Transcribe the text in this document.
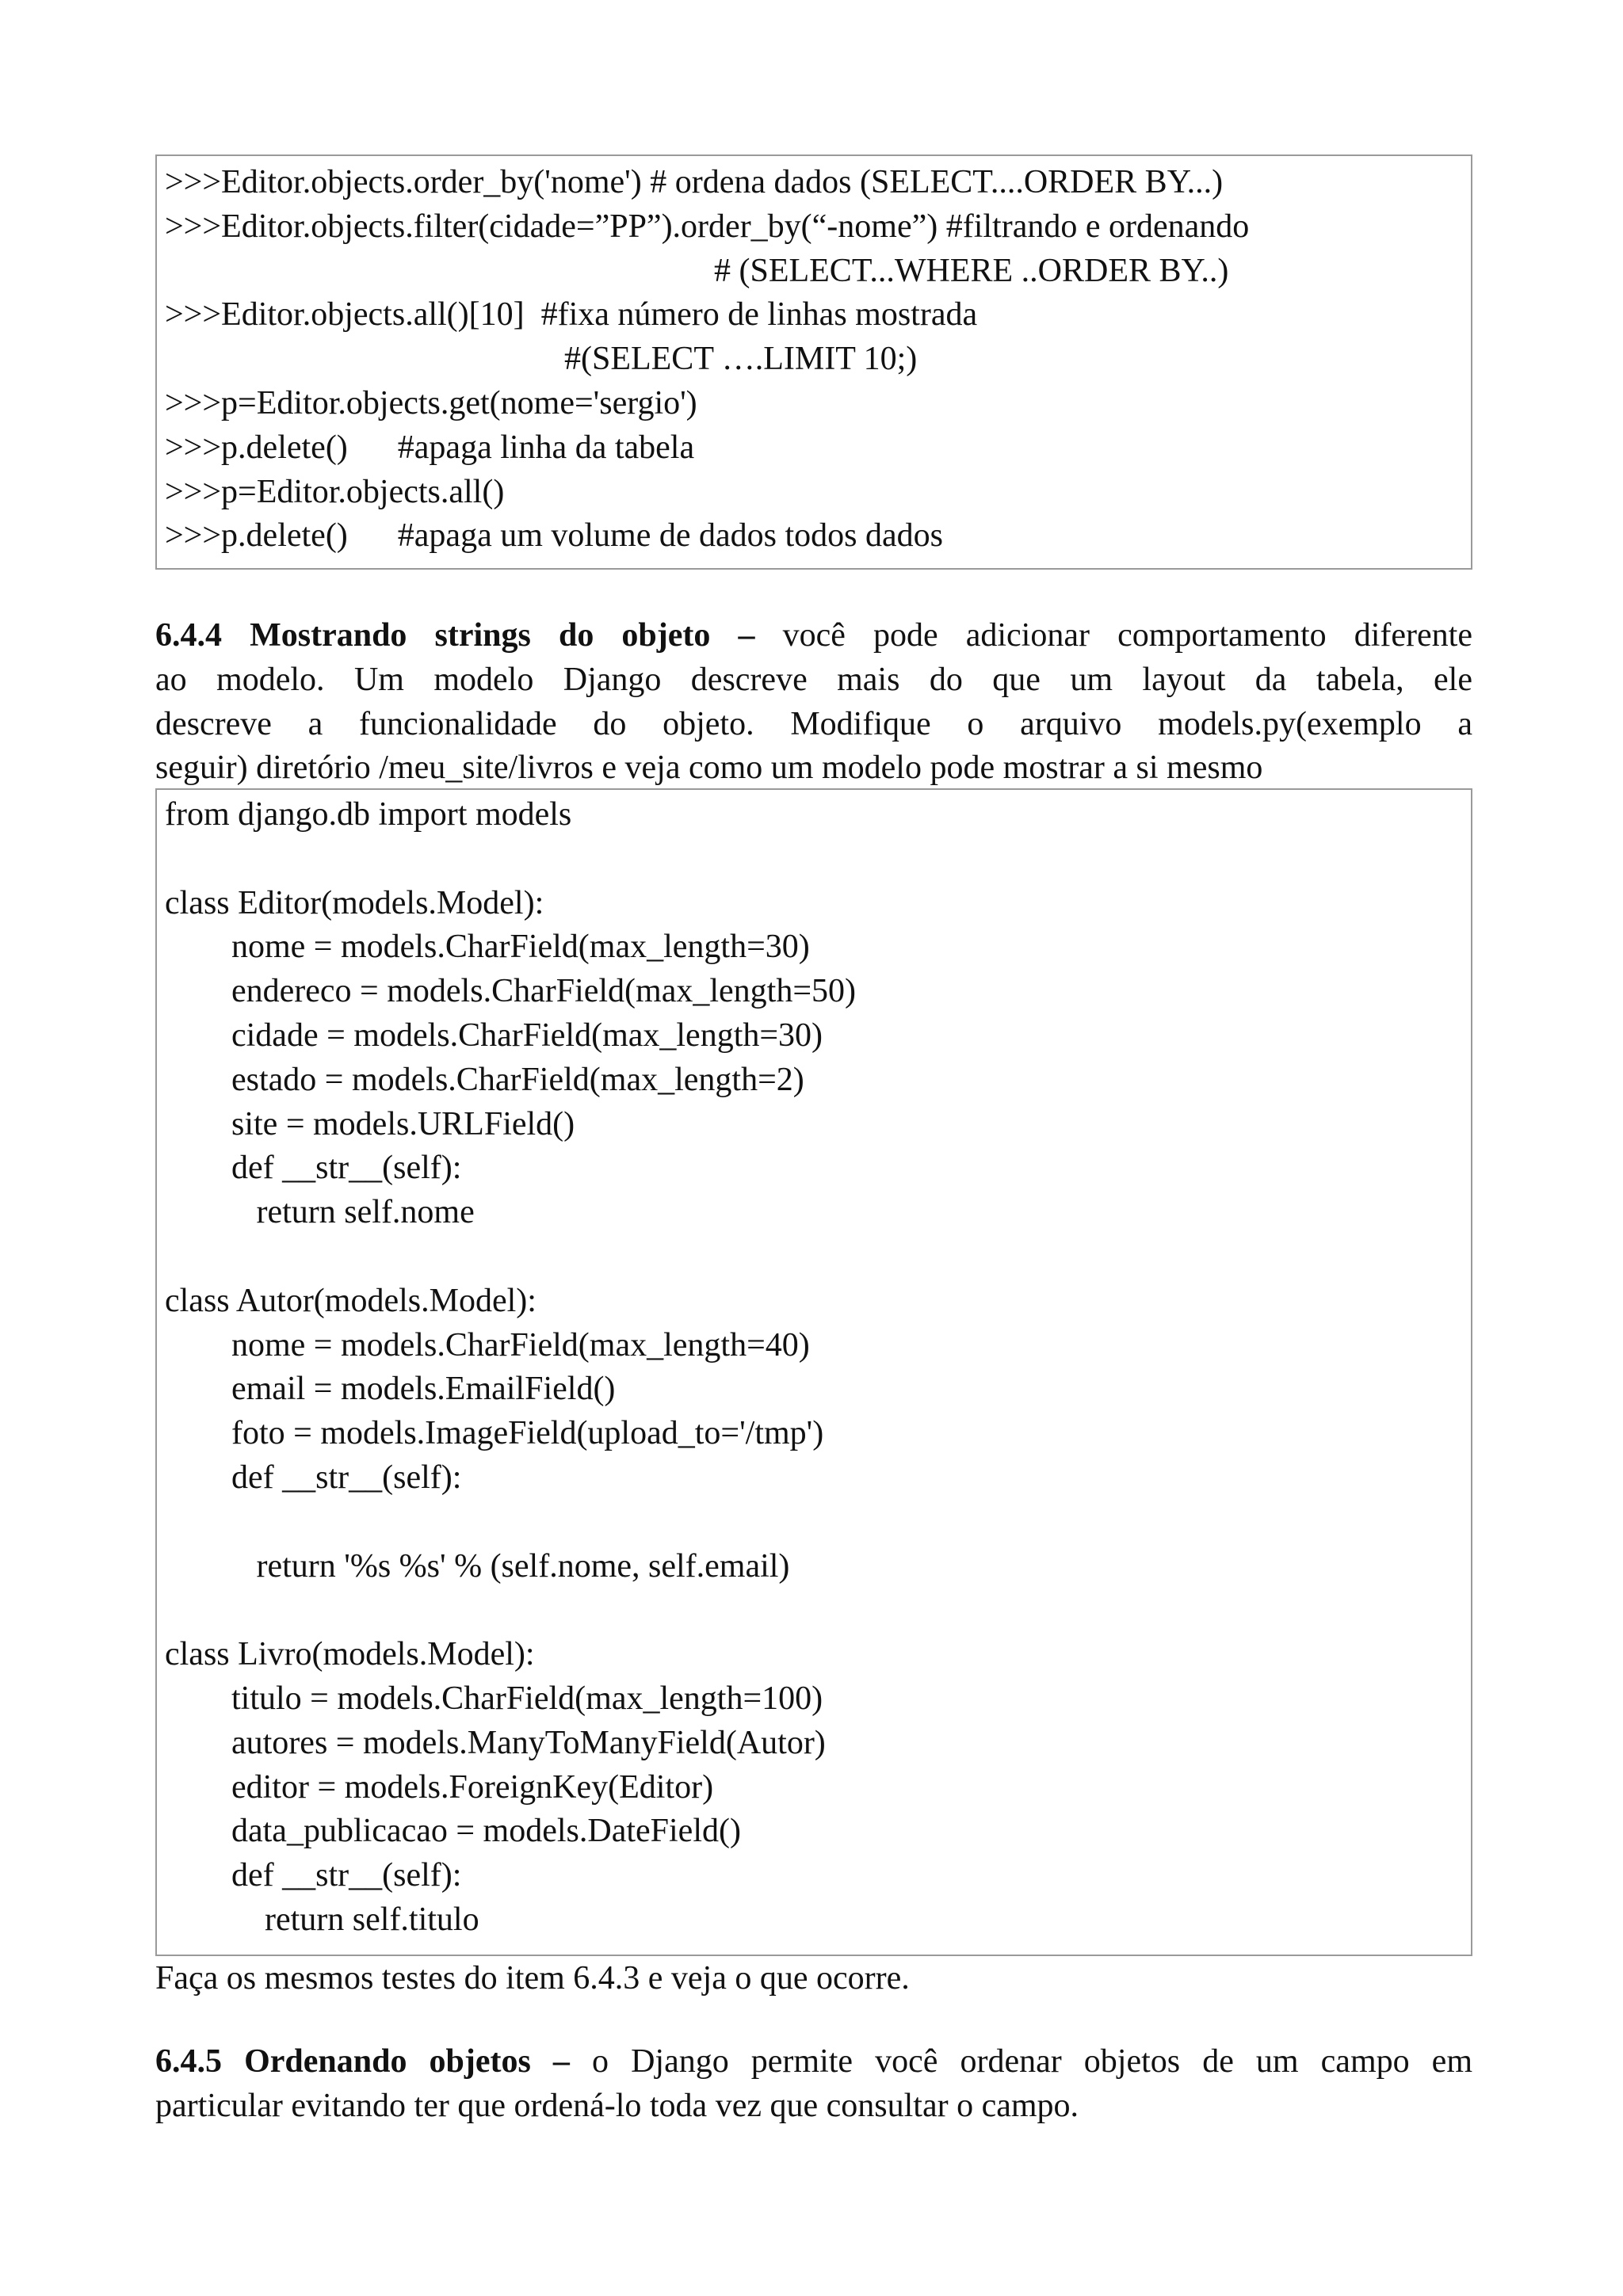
>>>Editor.objects.order_by('nome') # ordena dados (SELECT....ORDER BY...)
>>>Editor.objects.filter(cidade=”PP”).order_by(“-nome”) #filtrando e ordenando
# (SELECT...WHERE ..ORDER BY..)
>>>Editor.objects.all()[10]  #fixa número de linhas mostrada
#(SELECT ….LIMIT 10;)
>>>p=Editor.objects.get(nome='sergio')
>>>p.delete()      #apaga linha da tabela
>>>p=Editor.objects.all()
>>>p.delete()      #apaga um volume de dados todos dados
6.4.4 Mostrando strings do objeto – você pode adicionar comportamento diferente
ao modelo. Um modelo Django descreve mais do que um layout da tabela, ele
descreve a funcionalidade do objeto. Modifique o arquivo models.py(exemplo a
seguir) diretório /meu_site/livros e veja como um modelo pode mostrar a si mesmo
from django.db import models
class Editor(models.Model):
nome = models.CharField(max_length=30)
endereco = models.CharField(max_length=50)
cidade = models.CharField(max_length=30)
estado = models.CharField(max_length=2)
site = models.URLField()
def __str__(self):
return self.nome
class Autor(models.Model):
nome = models.CharField(max_length=40)
email = models.EmailField()
foto = models.ImageField(upload_to='/tmp')
def __str__(self):
return '%s %s' % (self.nome, self.email)
class Livro(models.Model):
titulo = models.CharField(max_length=100)
autores = models.ManyToManyField(Autor)
editor = models.ForeignKey(Editor)
data_publicacao = models.DateField()
def __str__(self):
return self.titulo
Faça os mesmos testes do item 6.4.3 e veja o que ocorre.
6.4.5 Ordenando objetos – o Django permite você ordenar objetos de um campo em
particular evitando ter que ordená-lo toda vez que consultar o campo.
